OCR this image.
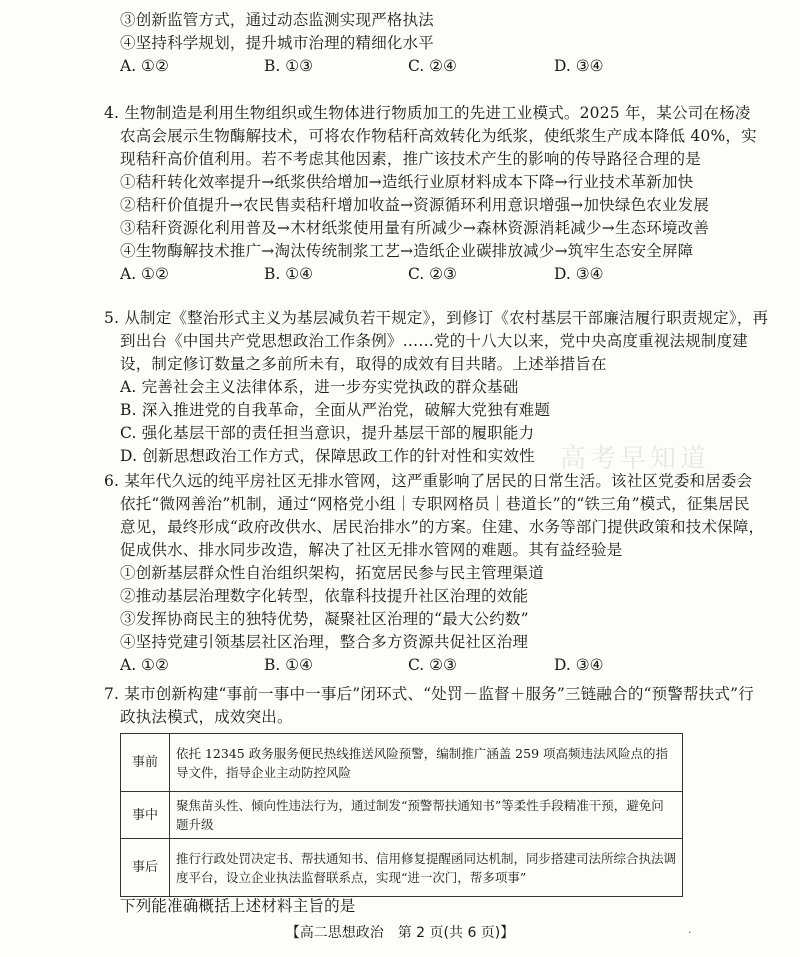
③创新监管方式，通过动态监测实现严格执法
④坚持科学规划，提升城市治理的精细化水平
A. ①②	B. ①③	C. ②④	D. ③④
4. 生物制造是利用生物组织或生物体进行物质加工的先进工业模式。2025 年，某公司在杨凌
农高会展示生物酶解技术，可将农作物秸秆高效转化为纸浆，使纸浆生产成本降低 40%，实
现秸秆高价值利用。若不考虑其他因素，推广该技术产生的影响的传导路径合理的是
①秸秆转化效率提升→纸浆供给增加→造纸行业原材料成本下降→行业技术革新加快
②秸秆价值提升→农民售卖秸秆增加收益→资源循环利用意识增强→加快绿色农业发展
③秸秆资源化利用普及→木材纸浆使用量有所减少→森林资源消耗减少→生态环境改善
④生物酶解技术推广→淘汰传统制浆工艺→造纸企业碳排放减少→筑牢生态安全屏障
A. ①②	B. ①④	C. ②③	D. ③④
5. 从制定《整治形式主义为基层减负若干规定》，到修订《农村基层干部廉洁履行职责规定》，再
到出台《中国共产党思想政治工作条例》……党的十八大以来，党中央高度重视法规制度建
设，制定修订数量之多前所未有，取得的成效有目共睹。上述举措旨在
A. 完善社会主义法律体系，进一步夯实党执政的群众基础
B. 深入推进党的自我革命，全面从严治党，破解大党独有难题
C. 强化基层干部的责任担当意识，提升基层干部的履职能力
D. 创新思想政治工作方式，保障思政工作的针对性和实效性
6. 某年代久远的纯平房社区无排水管网，这严重影响了居民的日常生活。该社区党委和居委会
依托“微网善治”机制，通过“网格党小组｜专职网格员｜巷道长”的“铁三角”模式，征集居民
意见，最终形成“政府改供水、居民治排水”的方案。住建、水务等部门提供政策和技术保障，
促成供水、排水同步改造，解决了社区无排水管网的难题。其有益经验是
①创新基层群众性自治组织架构，拓宽居民参与民主管理渠道
②推动基层治理数字化转型，依靠科技提升社区治理的效能
③发挥协商民主的独特优势，凝聚社区治理的“最大公约数”
④坚持党建引领基层社区治理，整合多方资源共促社区治理
A. ①②	B. ①④	C. ②③	D. ③④
7. 某市创新构建“事前一事中一事后”闭环式、“处罚－监督＋服务”三链融合的“预警帮扶式”行
政执法模式，成效突出。
事前	依托 12345 政务服务便民热线推送风险预警，编制推广涵盖 259 项高频违法风险点的指导文件，指导企业主动防控风险
事中	聚焦苗头性、倾向性违法行为，通过制发“预警帮扶通知书”等柔性手段精准干预，避免问题升级
事后	推行行政处罚决定书、帮扶通知书、信用修复提醒函同达机制，同步搭建司法所综合执法调度平台，设立企业执法监督联系点，实现“进一次门，帮多项事”
下列能准确概括上述材料主旨的是
高考早知道
【高二思想政治　第 2 页(共 6 页)】	·
